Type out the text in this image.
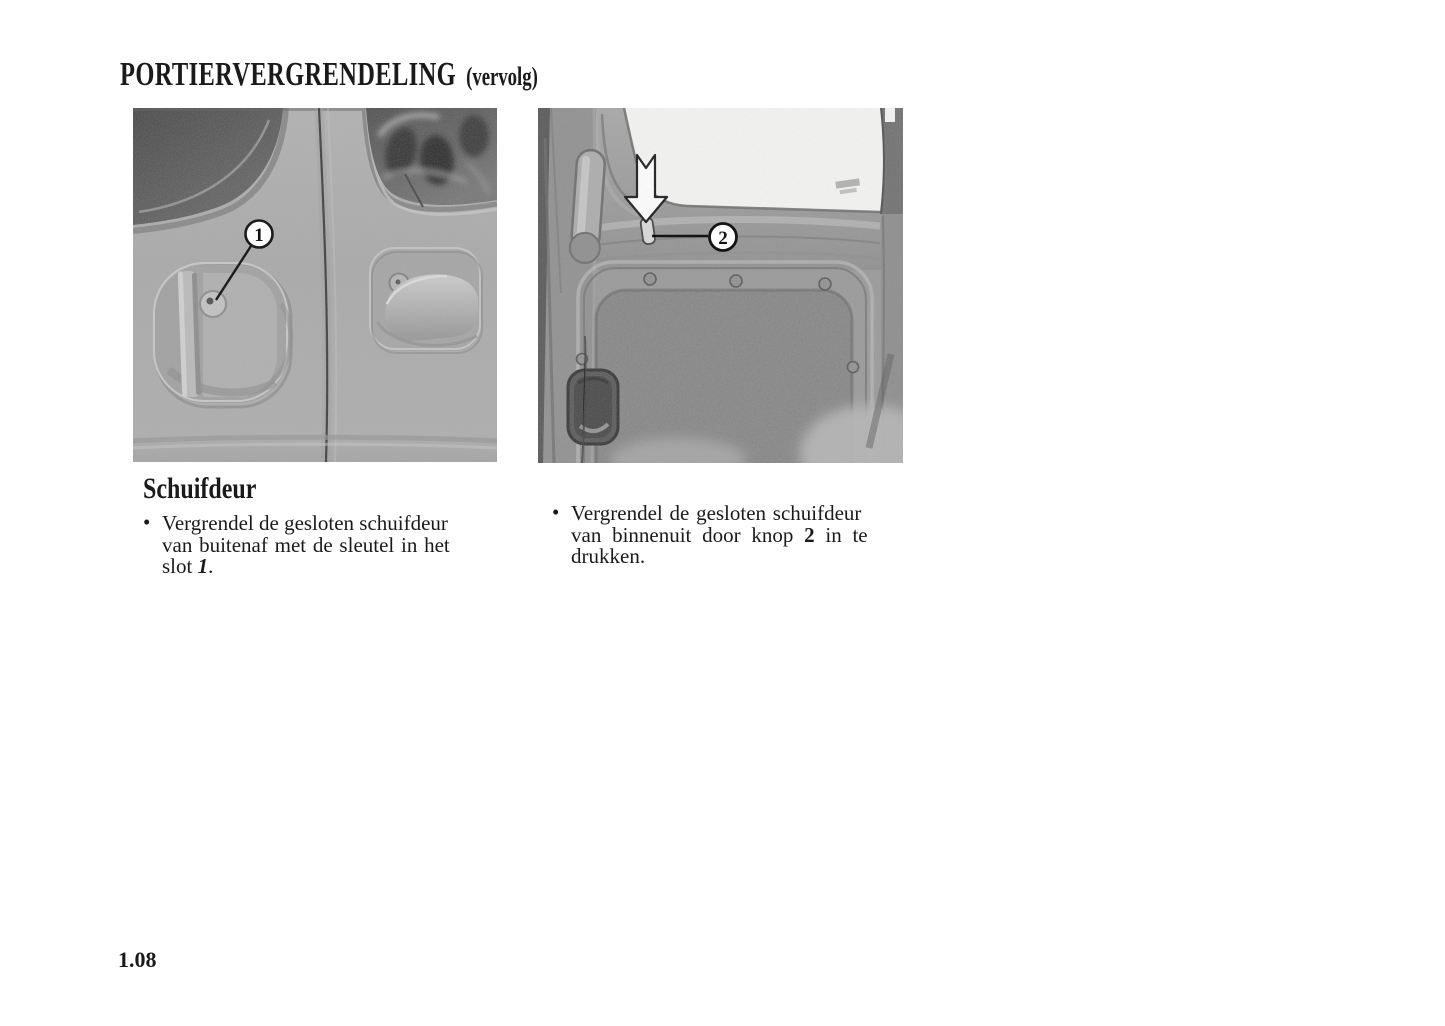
PORTIERVERGRENDELING (vervolg)
1	2
Schuifdeur
• Vergrendel de gesloten schuifdeur
van buitenaf met de sleutel in het
slot 1.
• Vergrendel de gesloten schuifdeur
van binnenuit door knop 2 in te
drukken.
1.08
